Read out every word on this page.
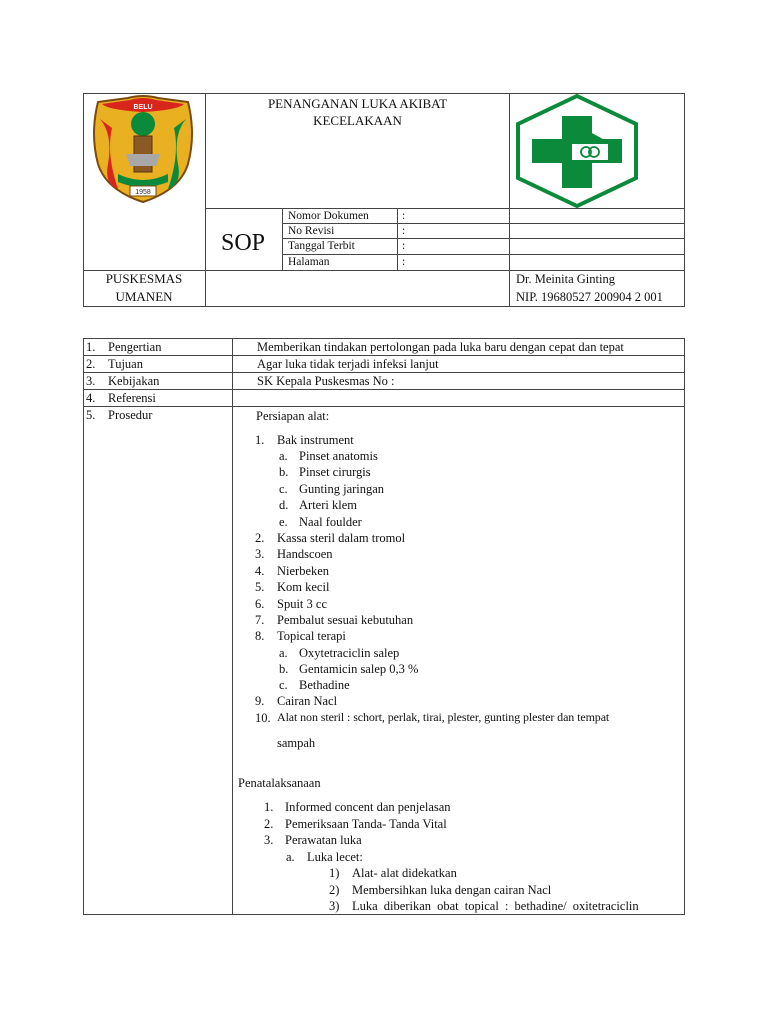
BELU
1958
PENANGANAN LUKA AKIBAT
KECELAKAAN
SOP
Nomor Dokumen	:
No Revisi	:
Tanggal Terbit	:
Halaman	:
PUSKESMAS
UMANEN
Dr. Meinita Ginting
NIP. 19680527 200904 2 001
1. Pengertian	Memberikan tindakan pertolongan pada luka baru dengan cepat dan tepat
2. Tujuan	Agar luka tidak terjadi infeksi lanjut
3. Kebijakan	SK Kepala Puskesmas No :
4. Referensi
5. Prosedur	Persiapan alat:
1. Bak instrument
a. Pinset anatomis
b. Pinset cirurgis
c. Gunting jaringan
d. Arteri klem
e. Naal foulder
2. Kassa steril dalam tromol
3. Handscoen
4. Nierbeken
5. Kom kecil
6. Spuit 3 cc
7. Pembalut sesuai kebutuhan
8. Topical terapi
a. Oxytetraciclin salep
b. Gentamicin salep 0,3 %
c. Bethadine
9. Cairan Nacl
10. Alat non steril : schort, perlak, tirai, plester, gunting plester dan tempat
sampah
Penatalaksanaan
1. Informed concent dan penjelasan
2. Pemeriksaan Tanda- Tanda Vital
3. Perawatan luka
a. Luka lecet:
1) Alat- alat didekatkan
2) Membersihkan luka dengan cairan Nacl
3) Luka diberikan obat topical : bethadine/ oxitetraciclin
